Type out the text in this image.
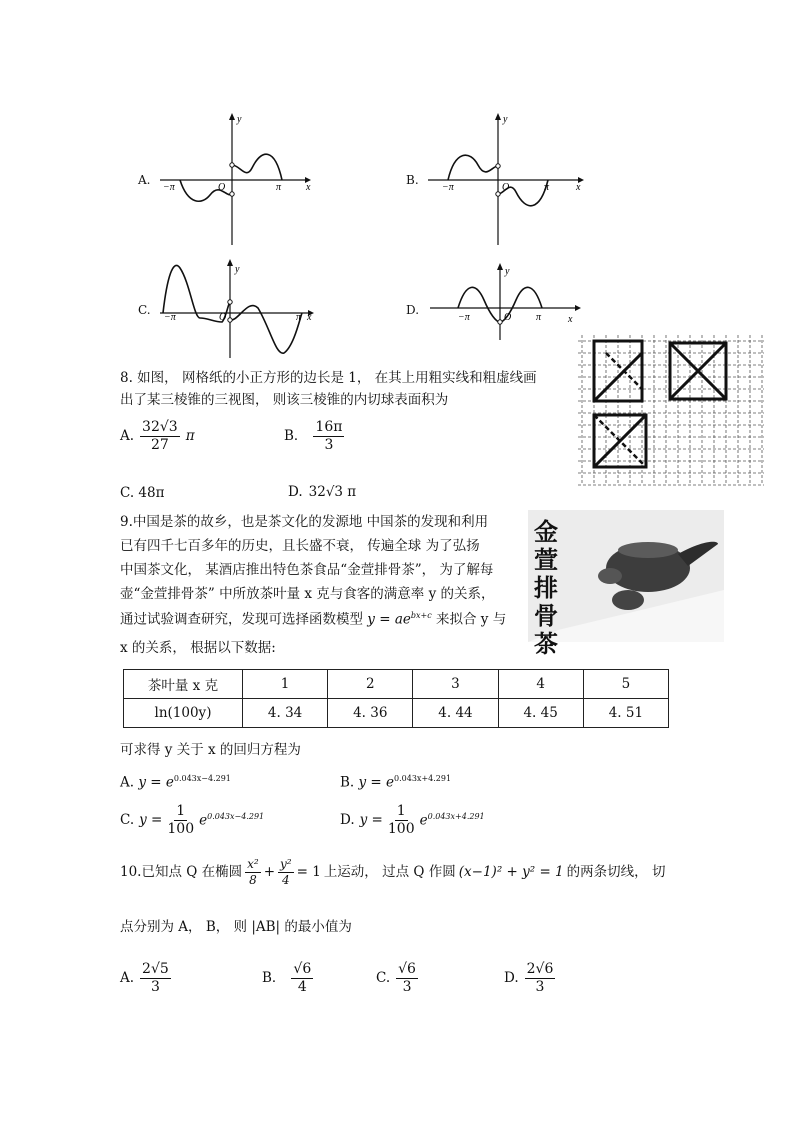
A.
−π	O	π x
y
B.
−π	O	π	x
y
C.
−π	O	π x
y
D.
−π	O π	x
y
8. 如图， 网格纸的小正方形的边长是 1， 在其上用粗实线和粗虚线画
出了某三棱锥的三视图， 则该三棱锥的内切球表面积为
A. $\frac{32√3}{27}$ π	B． $\frac{16\pi}{3}$
C. 48π	D. 32√3 π
9.中国是茶的故乡，也是茶文化的发源地 中国茶的发现和利用
已有四千七百多年的历史，且长盛不衰， 传遍全球 为了弘扬
中国茶文化， 某酒店推出特色茶食品“金萱排骨茶”， 为了解每
壶“金萱排骨茶” 中所放茶叶量 x 克与食客的满意率 y 的关系，
通过试验调查研究，发现可选择函数模型 $y = ae^{bx+c}$ 来拟合 y 与
x 的关系， 根据以下数据:
金萱排骨茶
茶叶量 x 克	1	2	3	4	5
ln(100y)	4. 34	4. 36	4. 44	4. 45	4. 51
可求得 y 关于 x 的回归方程为
A. $y = e^{0.043x-4.291}$	B. $y = e^{0.043x+4.291}$
C. $y = \frac{1}{100} e^{0.043x-4.291}$	D. $y = \frac{1}{100} e^{0.043x+4.291}$
10.已知点 Q 在椭圆 $\frac{\text{x²}}{8} + \frac{\text{y²}}{4} = 1$ 上运动， 过点 Q 作圆 (x−1)² + y² = 1 的两条切线， 切
点分别为 A， B， 则 |AB| 的最小值为
A. $\frac{2√5}{3}$	B． $\frac{√6}{4}$	C. $\frac{√6}{3}$	D. $\frac{2√6}{3}$
